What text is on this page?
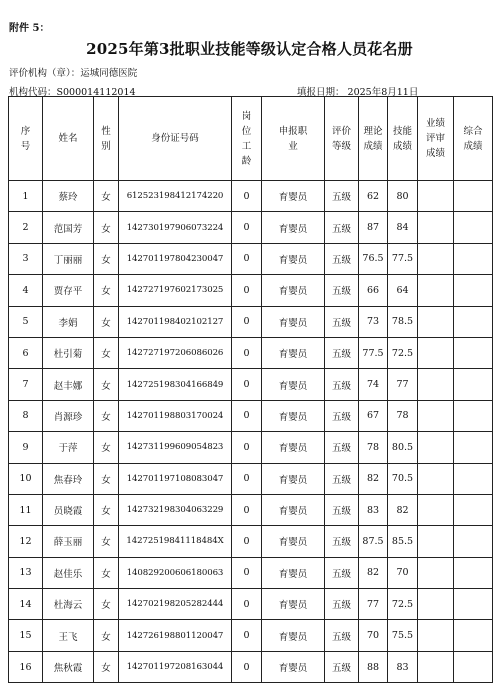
附件 5：
2025年第3批职业技能等级认定合格人员花名册
评价机构（章）：运城同德医院
机构代码：S000014112014	填报日期： 2025年8月11日
序号	姓名	性别	身份证号码	岗位工龄	申报职业	评价等级	理论成绩	技能成绩	业绩评审成绩	综合成绩
1	蔡玲	女	612523198412174220	0	育婴员	五级	62	80		
2	范国芳	女	142730197906073224	0	育婴员	五级	87	84		
3	丁丽丽	女	142701197804230047	0	育婴员	五级	76.5	77.5		
4	贾存平	女	142727197602173025	0	育婴员	五级	66	64		
5	李娟	女	142701198402102127	0	育婴员	五级	73	78.5		
6	杜引菊	女	142727197206086026	0	育婴员	五级	77.5	72.5		
7	赵丰娜	女	142725198304166849	0	育婴员	五级	74	77		
8	肖源珍	女	142701198803170024	0	育婴员	五级	67	78		
9	于萍	女	142731199609054823	0	育婴员	五级	78	80.5		
10	焦春玲	女	142701197108083047	0	育婴员	五级	82	70.5		
11	员晓霞	女	142732198304063229	0	育婴员	五级	83	82		
12	薛玉丽	女	14272519841118484X	0	育婴员	五级	87.5	85.5		
13	赵佳乐	女	140829200606180063	0	育婴员	五级	82	70		
14	杜海云	女	142702198205282444	0	育婴员	五级	77	72.5		
15	王飞	女	142726198801120047	0	育婴员	五级	70	75.5		
16	焦秋霞	女	142701197208163044	0	育婴员	五级	88	83		
